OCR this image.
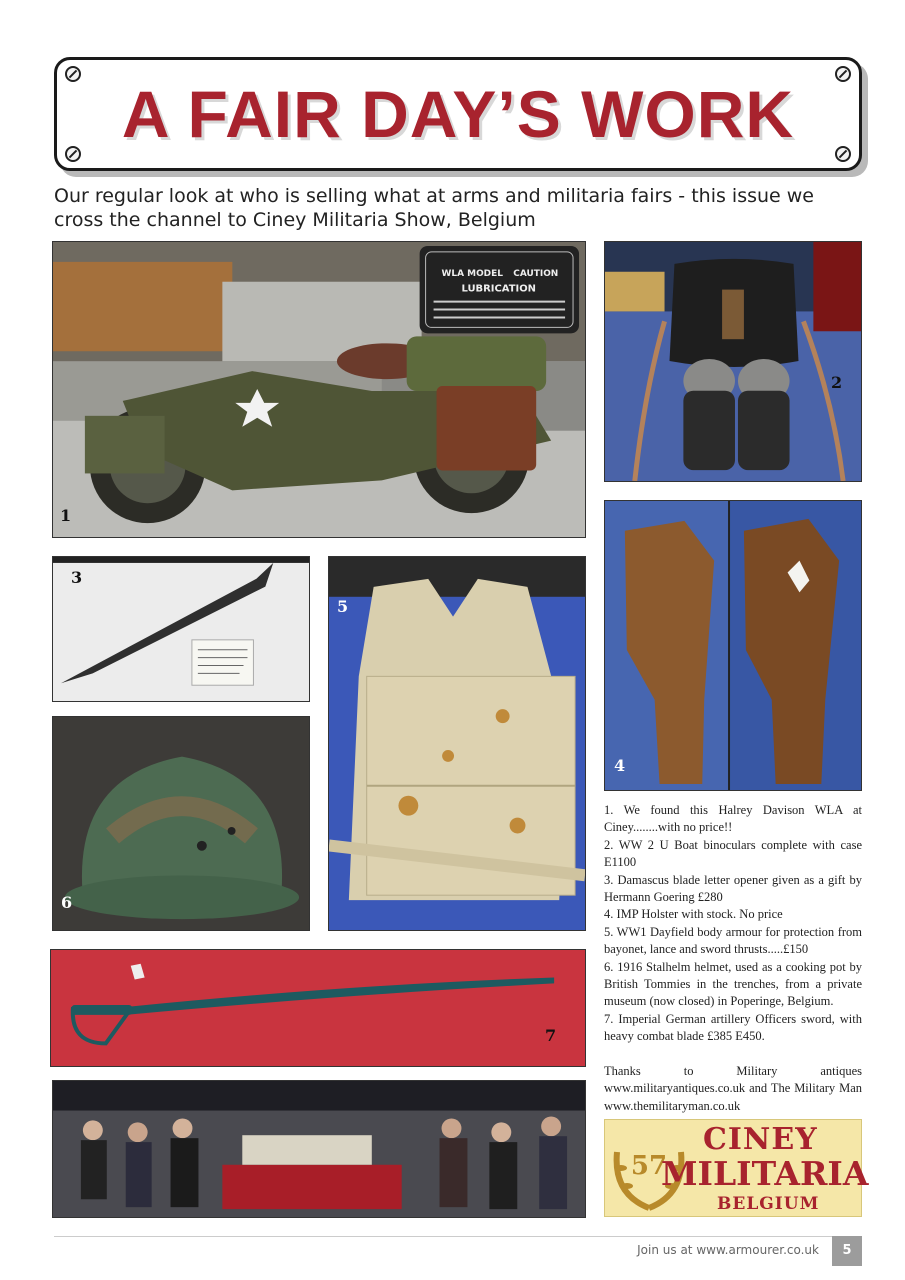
A FAIR DAY’S WORK
Our regular look at who is selling what at arms and militaria fairs - this issue we cross the channel to Ciney Militaria Show, Belgium
WLA MODEL CAUTION
LUBRICATION
1
2
3
5
4
6
7

1. We found this Halrey Davison WLA at Ciney........with no price!!

2. WW 2 U Boat binoculars complete with case E1100

3. Damascus blade letter opener given as a gift by Hermann Goering £280

4. IMP Holster with stock. No price

5. WW1 Dayfield body armour for protection from bayonet, lance and sword thrusts.....£150

6. 1916 Stalhelm helmet, used as a cooking pot by British Tommies in the trenches, from a private museum (now closed) in Poperinge, Belgium.

7. Imperial German artillery Officers sword, with heavy combat blade £385 E450.

Thanks to Military antiques www.militaryantiques.co.uk and The Military Man www.themilitaryman.co.uk

57
CINEY
MILITARIA
BELGIUM
Join us at www.armourer.co.uk	5
